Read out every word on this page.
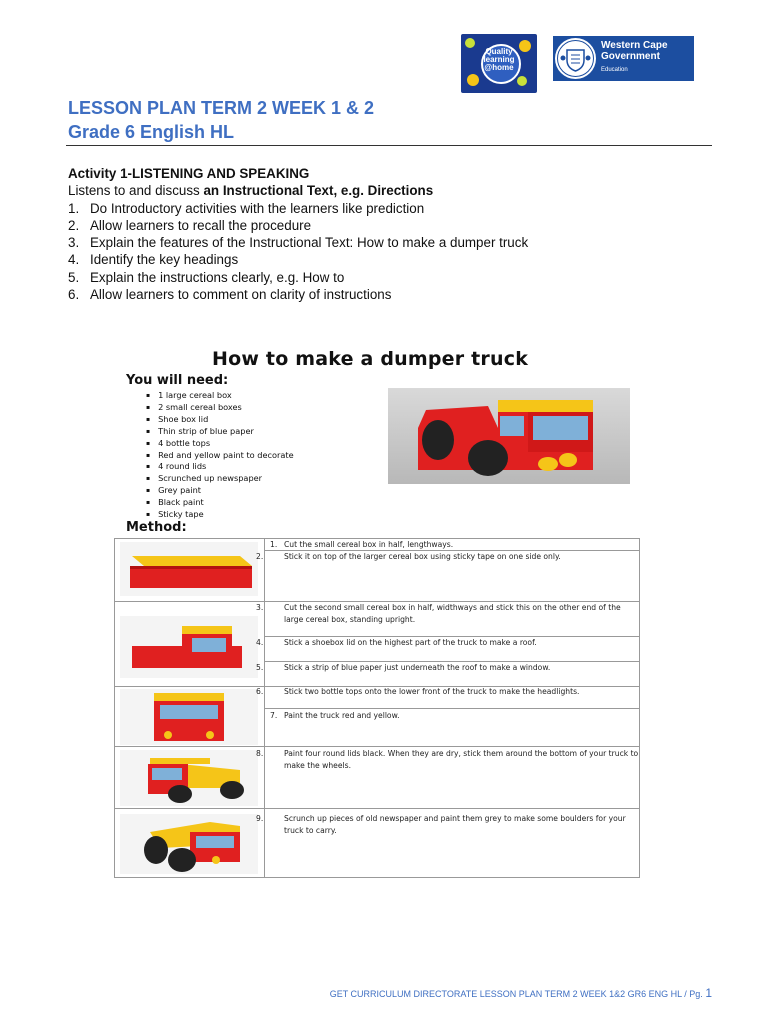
Quality
learning
@home
Western Cape
Government
Education
LESSON PLAN TERM 2 WEEK 1 & 2
Grade 6 English HL
Activity 1-LISTENING AND SPEAKING
Listens to and discuss an Instructional Text, e.g. Directions
1. Do Introductory activities with the learners like prediction
2. Allow learners to recall the procedure
3. Explain the features of the Instructional Text: How to make a dumper truck
4. Identify the key headings
5. Explain the instructions clearly, e.g. How to
6. Allow learners to comment on clarity of instructions
How to make a dumper truck
You will need:
▪ 1 large cereal box
▪ 2 small cereal boxes
▪ Shoe box lid
▪ Thin strip of blue paper
▪ 4 bottle tops
▪ Red and yellow paint to decorate
▪ 4 round lids
▪ Scrunched up newspaper
▪ Grey paint
▪ Black paint
▪ Sticky tape
Method:
1. Cut the small cereal box in half, lengthways.
2.	Stick it on top of the larger cereal box using sticky tape on one side only.
3.	Cut the second small cereal box in half, widthways and stick this on the other end of the large cereal box, standing upright.
4.	Stick a shoebox lid on the highest part of the truck to make a roof.
5.	Stick a strip of blue paper just underneath the roof to make a window.
6.	Stick two bottle tops onto the lower front of the truck to make the headlights.
7. Paint the truck red and yellow.
8.	Paint four round lids black. When they are dry, stick them around the bottom of your truck to make the wheels.
9.	Scrunch up pieces of old newspaper and paint them grey to make some boulders for your truck to carry.
GET CURRICULUM DIRECTORATE LESSON PLAN TERM 2 WEEK 1&2 GR6 ENG HL / Pg. 1
